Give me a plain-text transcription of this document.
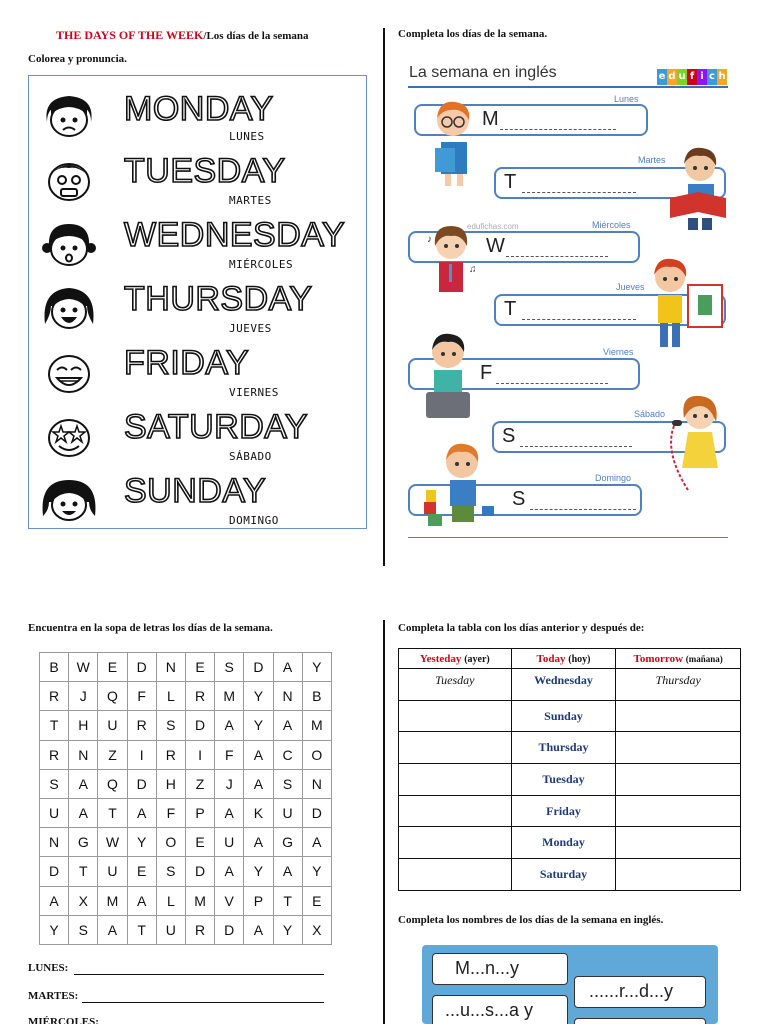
THE DAYS OF THE WEEK/Los días de la semana
Colorea y pronuncia.
MONDAY
LUNES
TUESDAY
MARTES
WEDNESDAY
MIÉRCOLES
THURSDAY
JUEVES
FRIDAY
VIERNES
SATURDAY
SÁBADO
SUNDAY
DOMINGO
Completa los días de la semana.
La semana en inglés	e d u f i c h
edufichas.com
Lunes
M
Martes
T
Miércoles
W
Jueves
T
Viernes
F
Sábado
S
Domingo
S
♪
♫
Encuentra en la sopa de letras los días de la semana.
B	W	E	D	N	E	S	D	A	Y
R	J	Q	F	L	R	M	Y	N	B
T	H	U	R	S	D	A	Y	A	M
R	N	Z	I	R	I	F	A	C	O
S	A	Q	D	H	Z	J	A	S	N
U	A	T	A	F	P	A	K	U	D
N	G	W	Y	O	E	U	A	G	A
D	T	U	E	S	D	A	Y	A	Y
A	X	M	A	L	M	V	P	T	E
Y	S	A	T	U	R	D	A	Y	X
LUNES:
MARTES:
MIÉRCOLES:
Completa la tabla con los días anterior y después de:
Yesteday (ayer)	Today (hoy)	Tomorrow (mañana)
Tuesday	Wednesday	Thursday
	Sunday	
	Thursday	
	Tuesday	
	Friday	
	Monday	
	Saturday	
Completa los nombres de los días de la semana en inglés.
M...n...y
......r...d...y
...u...s...a y
